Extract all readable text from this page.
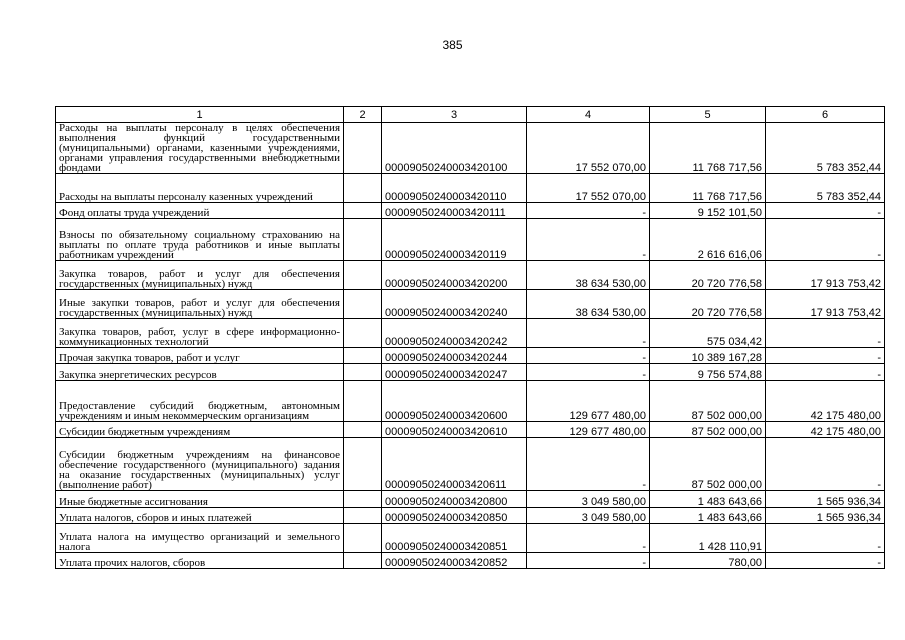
385
1	2	3	4	5	6
Расходы на выплаты персоналу в целях обеспечения выполнения функций государственными (муниципальными) органами, казенными учреждениями, органами управления государственными внебюджетными фондами		00009050240003420100	17 552 070,00	11 768 717,56	5 783 352,44
Расходы на выплаты персоналу казенных учреждений		00009050240003420110	17 552 070,00	11 768 717,56	5 783 352,44
Фонд оплаты труда учреждений		00009050240003420111	-	9 152 101,50	-
Взносы по обязательному социальному страхованию на выплаты по оплате труда работников и иные выплаты работникам учреждений		00009050240003420119	-	2 616 616,06	-
Закупка товаров, работ и услуг для обеспечения государственных (муниципальных) нужд		00009050240003420200	38 634 530,00	20 720 776,58	17 913 753,42
Иные закупки товаров, работ и услуг для обеспечения государственных (муниципальных) нужд		00009050240003420240	38 634 530,00	20 720 776,58	17 913 753,42
Закупка товаров, работ, услуг в сфере информационно-коммуникационных технологий		00009050240003420242	-	575 034,42	-
Прочая закупка товаров, работ и услуг		00009050240003420244	-	10 389 167,28	-
Закупка энергетических ресурсов		00009050240003420247	-	9 756 574,88	-
Предоставление субсидий бюджетным, автономным учреждениям и иным некоммерческим организациям		00009050240003420600	129 677 480,00	87 502 000,00	42 175 480,00
Субсидии бюджетным учреждениям		00009050240003420610	129 677 480,00	87 502 000,00	42 175 480,00
Субсидии бюджетным учреждениям на финансовое обеспечение государственного (муниципального) задания на оказание государственных (муниципальных) услуг (выполнение работ)		00009050240003420611	-	87 502 000,00	-
Иные бюджетные ассигнования		00009050240003420800	3 049 580,00	1 483 643,66	1 565 936,34
Уплата налогов, сборов и иных платежей		00009050240003420850	3 049 580,00	1 483 643,66	1 565 936,34
Уплата налога на имущество организаций и земельного налога		00009050240003420851	-	1 428 110,91	-
Уплата прочих налогов, сборов		00009050240003420852	-	780,00	-
